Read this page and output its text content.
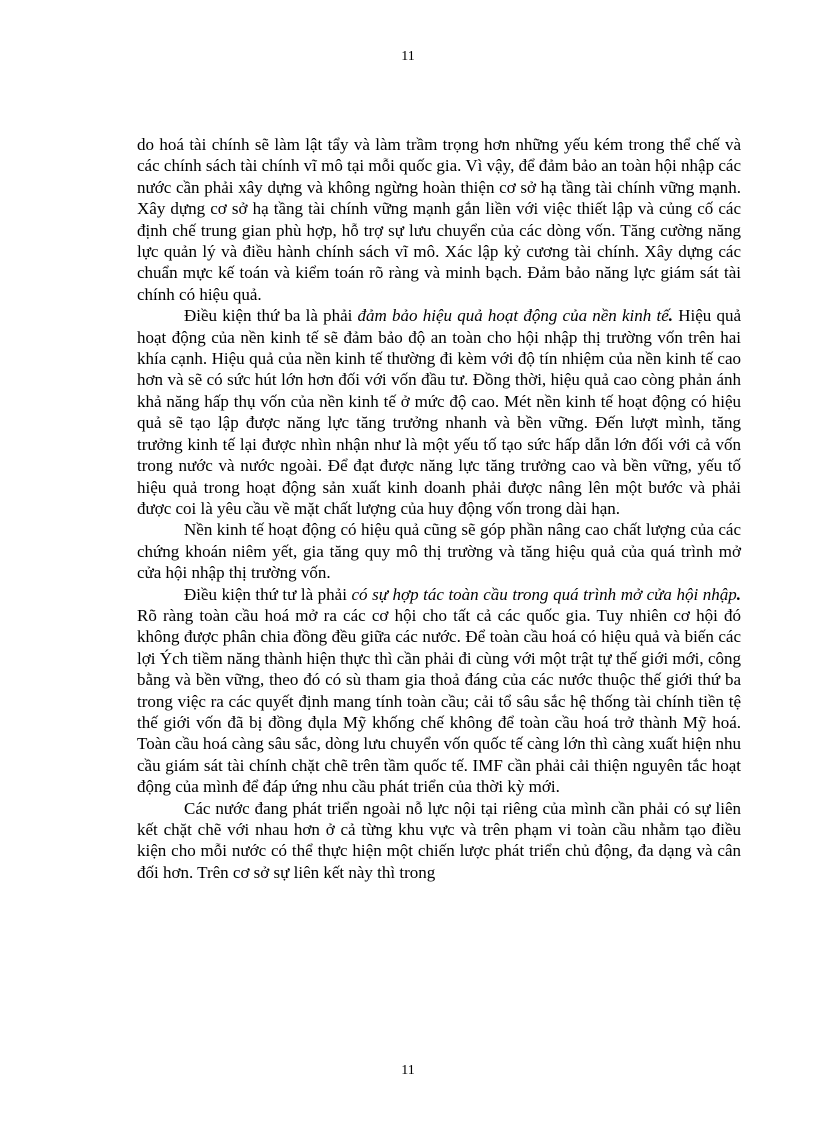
11

do hoá tài chính sẽ làm lật tẩy và làm trầm trọng hơn những yếu kém trong thể chế và các chính sách tài chính vĩ mô tại mỗi quốc gia. Vì vậy, để đảm bảo an toàn hội nhập các nước cần phải xây dựng và không ngừng hoàn thiện cơ sở hạ tầng tài chính vững mạnh. Xây dựng cơ sở hạ tầng tài chính vững mạnh gắn liền với việc thiết lập và củng cố các định chế trung gian phù hợp, hỗ trợ sự lưu chuyển của các dòng vốn. Tăng cường năng lực quản lý và điều hành chính sách vĩ mô. Xác lập kỷ cương tài chính. Xây dựng các chuẩn mực kế toán và kiểm toán rõ ràng và minh bạch. Đảm bảo năng lực giám sát tài chính có hiệu quả.

Điều kiện thứ ba là phải đảm bảo hiệu quả hoạt động của nền kinh tế. Hiệu quả hoạt động của nền kinh tế sẽ đảm bảo độ an toàn cho hội nhập thị trường vốn trên hai khía cạnh. Hiệu quả của nền kinh tế thường đi kèm với độ tín nhiệm của nền kinh tế cao hơn và sẽ có sức hút lớn hơn đối với vốn đầu tư. Đồng thời, hiệu quả cao còng phản ánh khả năng hấp thụ vốn của nền kinh tế ở mức độ cao. Mét nền kinh tế hoạt động có hiệu quả sẽ tạo lập được năng lực tăng trưởng nhanh và bền vững. Đến lượt mình, tăng trưởng kinh tế lại được nhìn nhận như là một yếu tố tạo sức hấp dẫn lớn đối với cả vốn trong nước và nước ngoài. Để đạt được năng lực tăng trưởng cao và bền vững, yếu tố hiệu quả trong hoạt động sản xuất kinh doanh phải được nâng lên một bước và phải được coi là yêu cầu về mặt chất lượng của huy động vốn trong dài hạn.

Nền kinh tế hoạt động có hiệu quả cũng sẽ góp phần nâng cao chất lượng của các chứng khoán niêm yết, gia tăng quy mô thị trường và tăng hiệu quả của quá trình mở cửa hội nhập thị trường vốn.

Điều kiện thứ tư là phải có sự hợp tác toàn cầu trong quá trình mở cửa hội nhập. Rõ ràng toàn cầu hoá mở ra các cơ hội cho tất cả các quốc gia. Tuy nhiên cơ hội đó không được phân chia đồng đều giữa các nước. Để toàn cầu hoá có hiệu quả và biến các lợi Ých tiềm năng thành hiện thực thì cần phải đi cùng với một trật tự thế giới mới, công bằng và bền vững, theo đó có sù tham gia thoả đáng của các nước thuộc thế giới thứ ba trong việc ra các quyết định mang tính toàn cầu; cải tổ sâu sắc hệ thống tài chính tiền tệ thế giới vốn đã bị đồng đụla Mỹ khống chế không để toàn cầu hoá trở thành Mỹ hoá. Toàn cầu hoá càng sâu sắc, dòng lưu chuyển vốn quốc tế càng lớn thì càng xuất hiện nhu cầu giám sát tài chính chặt chẽ trên tầm quốc tế. IMF cần phải cải thiện nguyên tắc hoạt động của mình để đáp ứng nhu cầu phát triển của thời kỳ mới.

Các nước đang phát triển ngoài nỗ lực nội tại riêng của mình cần phải có sự liên kết chặt chẽ với nhau hơn ở cả từng khu vực và trên phạm vi toàn cầu nhằm tạo điều kiện cho mỗi nước có thể thực hiện một chiến lược phát triển chủ động, đa dạng và cân đối hơn. Trên cơ sở sự liên kết này thì trong

11
